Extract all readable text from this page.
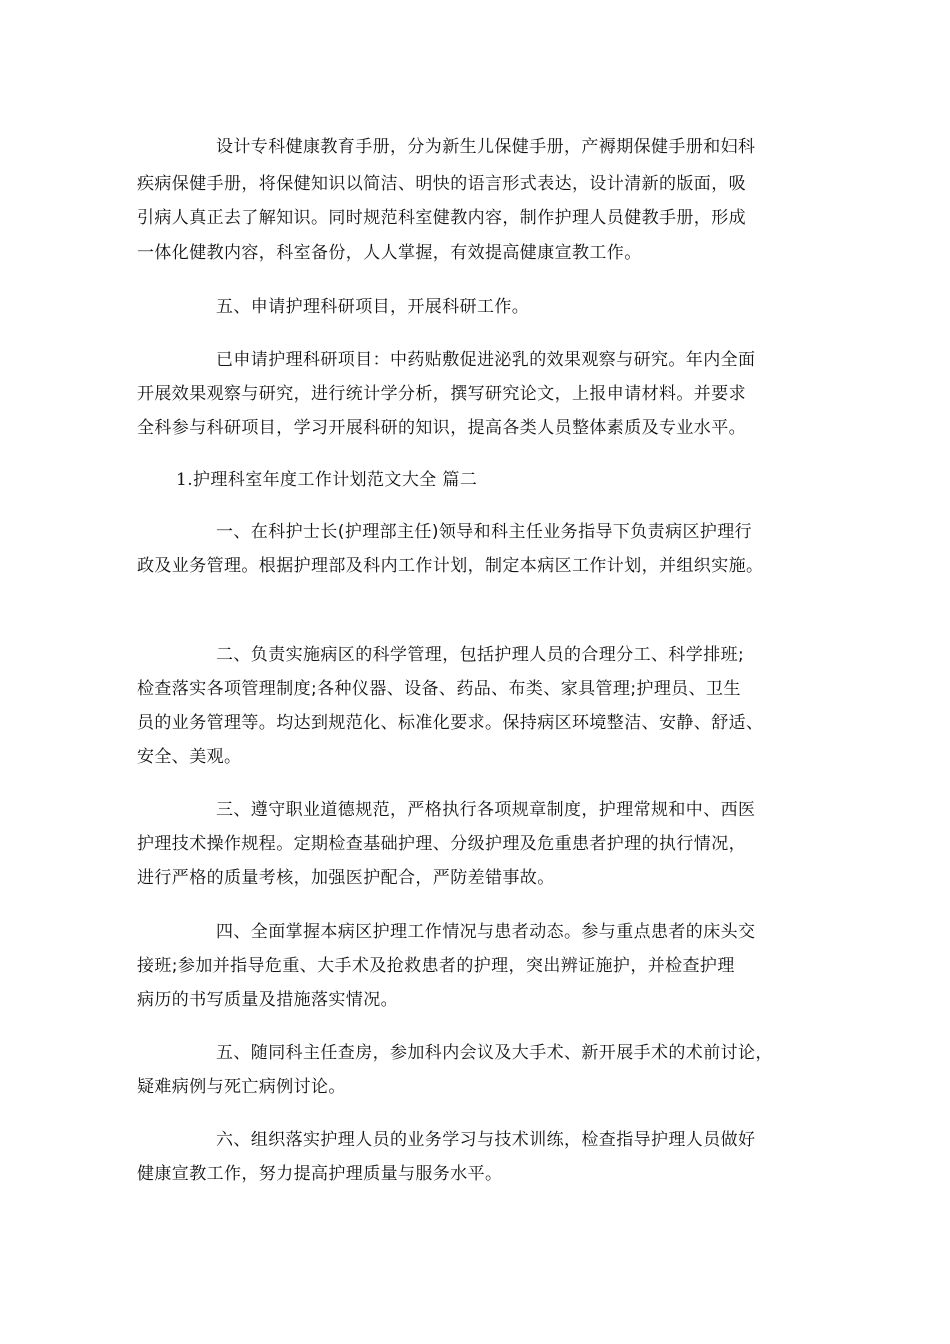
设计专科健康教育手册，分为新生儿保健手册，产褥期保健手册和妇科
疾病保健手册，将保健知识以简洁、明快的语言形式表达，设计清新的版面，吸
引病人真正去了解知识。同时规范科室健教内容，制作护理人员健教手册，形成
一体化健教内容，科室备份，人人掌握，有效提高健康宣教工作。
五、申请护理科研项目，开展科研工作。
已申请护理科研项目：中药贴敷促进泌乳的效果观察与研究。年内全面
开展效果观察与研究，进行统计学分析，撰写研究论文，上报申请材料。并要求
全科参与科研项目，学习开展科研的知识，提高各类人员整体素质及专业水平。
1.护理科室年度工作计划范文大全 篇二
一、在科护士长(护理部主任)领导和科主任业务指导下负责病区护理行
政及业务管理。根据护理部及科内工作计划，制定本病区工作计划，并组织实施。
二、负责实施病区的科学管理，包括护理人员的合理分工、科学排班;
检查落实各项管理制度;各种仪器、设备、药品、布类、家具管理;护理员、卫生
员的业务管理等。均达到规范化、标准化要求。保持病区环境整洁、安静、舒适、
安全、美观。
三、遵守职业道德规范，严格执行各项规章制度，护理常规和中、西医
护理技术操作规程。定期检查基础护理、分级护理及危重患者护理的执行情况，
进行严格的质量考核，加强医护配合，严防差错事故。
四、全面掌握本病区护理工作情况与患者动态。参与重点患者的床头交
接班;参加并指导危重、大手术及抢救患者的护理，突出辨证施护，并检查护理
病历的书写质量及措施落实情况。
五、随同科主任查房，参加科内会议及大手术、新开展手术的术前讨论，
疑难病例与死亡病例讨论。
六、组织落实护理人员的业务学习与技术训练，检查指导护理人员做好
健康宣教工作，努力提高护理质量与服务水平。
